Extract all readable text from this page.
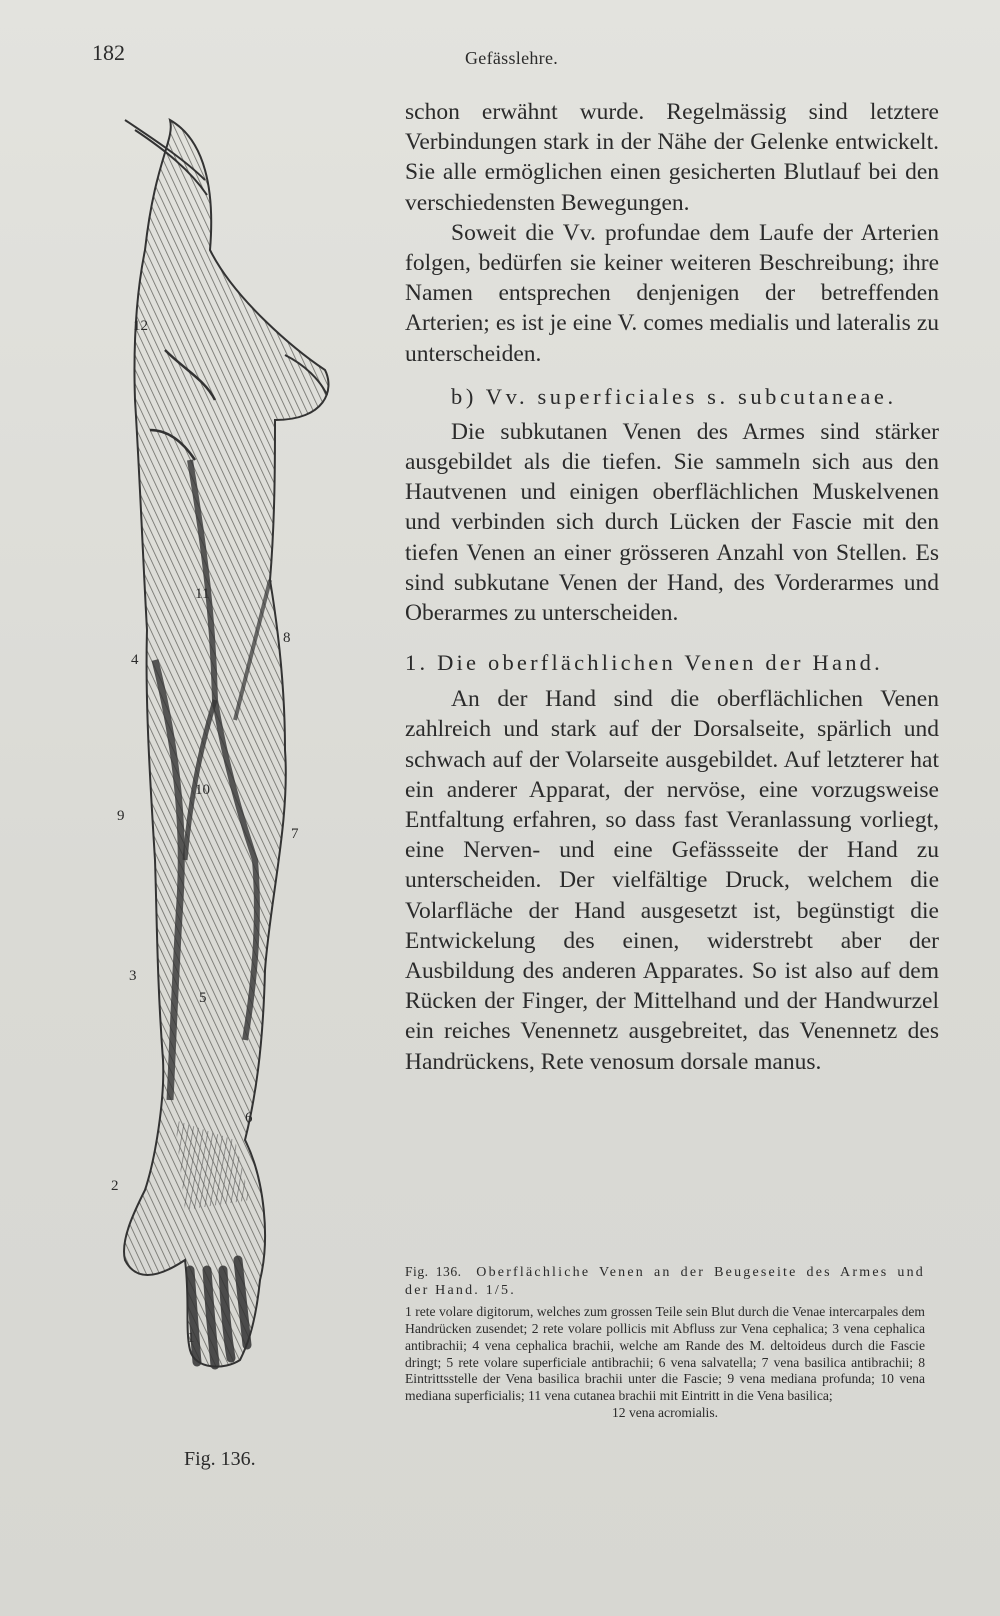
182	Gefässlehre.
12
11
8
4
10
9
7
3
5
6
2
1
Fig. 136.

schon erwähnt wurde. Regelmässig sind letztere Verbindungen stark in der Nähe der Gelenke entwickelt. Sie alle ermöglichen einen gesicherten Blutlauf bei den verschiedensten Bewegungen.

Soweit die Vv. profundae dem Laufe der Arterien folgen, bedürfen sie keiner weiteren Beschreibung; ihre Namen entsprechen denjenigen der betreffenden Arterien; es ist je eine V. comes medialis und lateralis zu unterscheiden.

b) Vv. superficiales s. subcutaneae.

Die subkutanen Venen des Armes sind stärker ausgebildet als die tiefen. Sie sammeln sich aus den Hautvenen und einigen oberflächlichen Muskelvenen und verbinden sich durch Lücken der Fascie mit den tiefen Venen an einer grösseren Anzahl von Stellen. Es sind subkutane Venen der Hand, des Vorderarmes und Oberarmes zu unterscheiden.

1. Die oberflächlichen Venen der Hand.

An der Hand sind die oberflächlichen Venen zahlreich und stark auf der Dorsalseite, spärlich und schwach auf der Volarseite ausgebildet. Auf letzterer hat ein anderer Apparat, der nervöse, eine vorzugsweise Entfaltung erfahren, so dass fast Veranlassung vorliegt, eine Nerven- und eine Gefässseite der Hand zu unterscheiden. Der vielfältige Druck, welchem die Volarfläche der Hand ausgesetzt ist, begünstigt die Entwickelung des einen, widerstrebt aber der Ausbildung des anderen Apparates. So ist also auf dem Rücken der Finger, der Mittelhand und der Handwurzel ein reiches Venennetz ausgebreitet, das Venennetz des Handrückens, Rete venosum dorsale manus.

Fig. 136. Oberflächliche Venen an der Beugeseite des Armes und der Hand. 1/5.
1 rete volare digitorum, welches zum grossen Teile sein Blut durch die Venae intercarpales dem Handrücken zusendet; 2 rete volare pollicis mit Abfluss zur Vena cephalica; 3 vena cephalica antibrachii; 4 vena cephalica brachii, welche am Rande des M. deltoideus durch die Fascie dringt; 5 rete volare superficiale antibrachii; 6 vena salvatella; 7 vena basilica antibrachii; 8 Eintrittsstelle der Vena basilica brachii unter die Fascie; 9 vena mediana profunda; 10 vena mediana superficialis; 11 vena cutanea brachii mit Eintritt in die Vena basilica;
12 vena acromialis.
